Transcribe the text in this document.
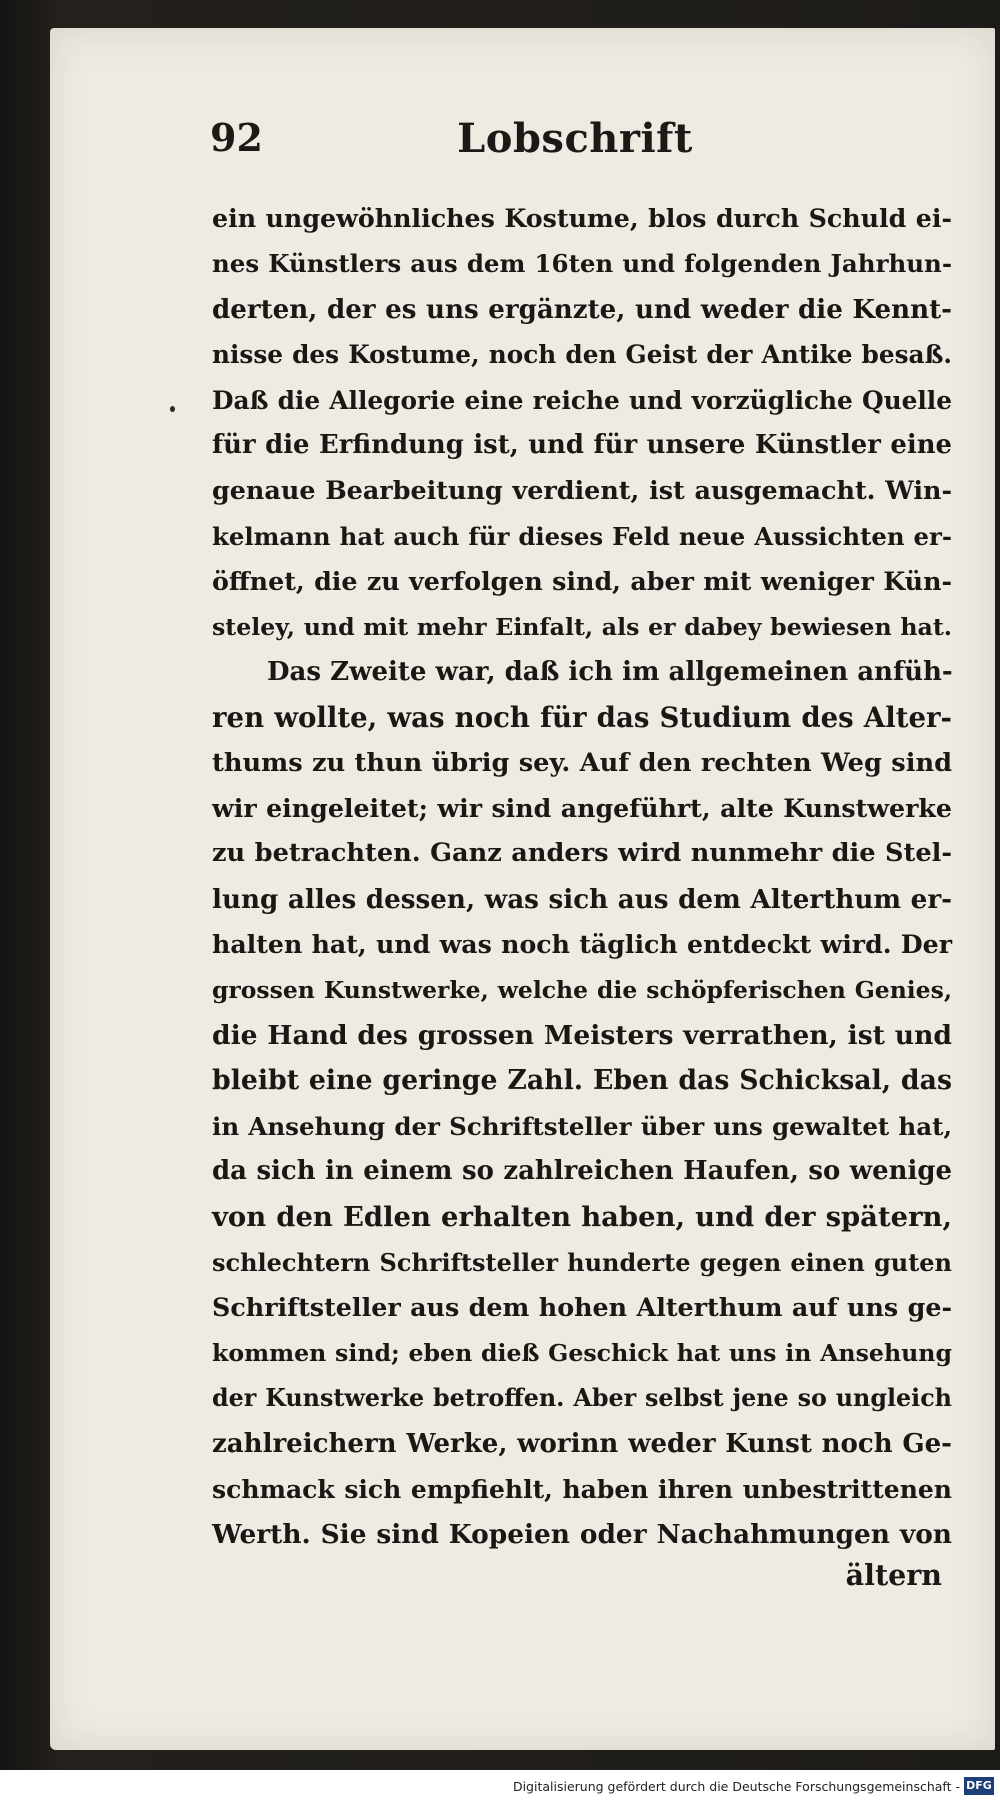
92	Lobschrift
ein ungewöhnliches Kostume, blos durch Schuld ei-
nes Künstlers aus dem 16ten und folgenden Jahrhun-
derten, der es uns ergänzte, und weder die Kennt-
nisse des Kostume, noch den Geist der Antike besaß.
Daß die Allegorie eine reiche und vorzügliche Quelle
für die Erfindung ist, und für unsere Künstler eine
genaue Bearbeitung verdient, ist ausgemacht. Win-
kelmann hat auch für dieses Feld neue Aussichten er-
öffnet, die zu verfolgen sind, aber mit weniger Kün-
steley, und mit mehr Einfalt, als er dabey bewiesen hat.
Das Zweite war, daß ich im allgemeinen anfüh-
ren wollte, was noch für das Studium des Alter-
thums zu thun übrig sey. Auf den rechten Weg sind
wir eingeleitet; wir sind angeführt, alte Kunstwerke
zu betrachten. Ganz anders wird nunmehr die Stel-
lung alles dessen, was sich aus dem Alterthum er-
halten hat, und was noch täglich entdeckt wird. Der
grossen Kunstwerke, welche die schöpferischen Genies,
die Hand des grossen Meisters verrathen, ist und
bleibt eine geringe Zahl. Eben das Schicksal, das
in Ansehung der Schriftsteller über uns gewaltet hat,
da sich in einem so zahlreichen Haufen, so wenige
von den Edlen erhalten haben, und der spätern,
schlechtern Schriftsteller hunderte gegen einen guten
Schriftsteller aus dem hohen Alterthum auf uns ge-
kommen sind; eben dieß Geschick hat uns in Ansehung
der Kunstwerke betroffen. Aber selbst jene so ungleich
zahlreichern Werke, worinn weder Kunst noch Ge-
schmack sich empfiehlt, haben ihren unbestrittenen
Werth. Sie sind Kopeien oder Nachahmungen von
ältern
Digitalisierung gefördert durch die Deutsche Forschungsgemeinschaft - DFG
